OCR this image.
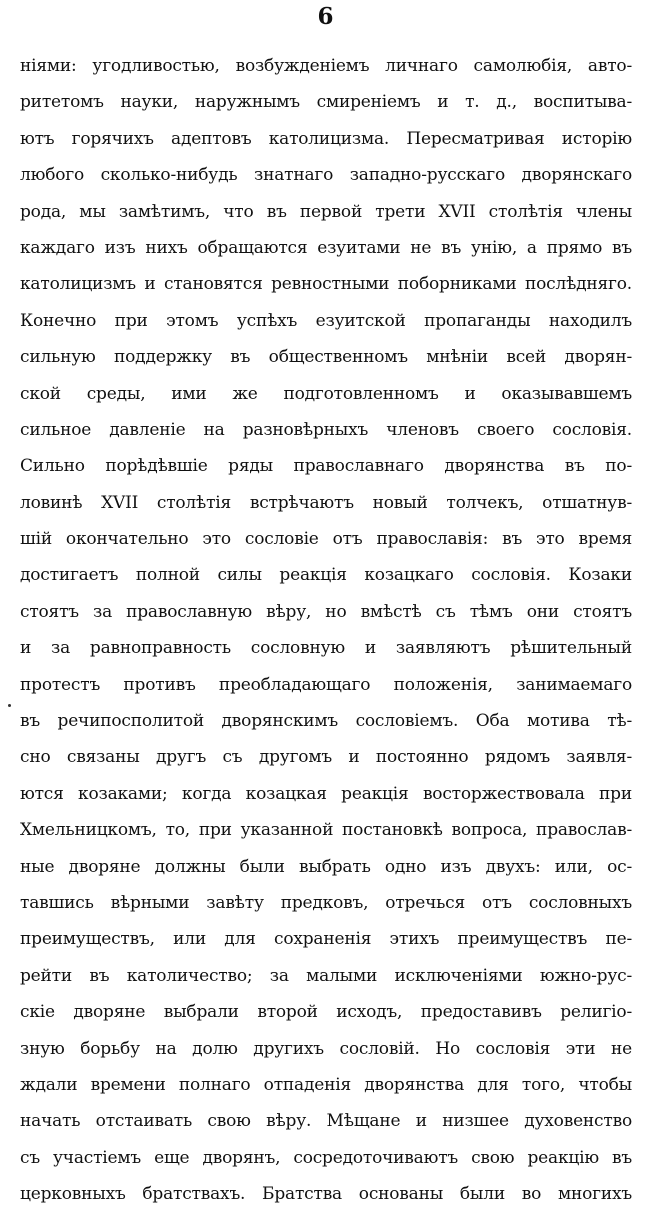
6
ніями: угодливостью, возбужденіемъ личнаго самолюбія, авто-
ритетомъ науки, наружнымъ смиреніемъ и т. д., воспитыва-
ютъ горячихъ адептовъ католицизма. Пересматривая исторію
любого сколько-нибудь знатнаго западно-русскаго дворянскаго
рода, мы замѣтимъ, что въ первой трети XVII столѣтія члены
каждаго изъ нихъ обращаются езуитами не въ унію, а прямо въ
католицизмъ и становятся ревностными поборниками послѣдняго.
Конечно при этомъ успѣхъ езуитской пропаганды находилъ
сильную поддержку въ общественномъ мнѣніи всей дворян-
ской среды, ими же подготовленномъ и оказывавшемъ
сильное давленіе на разновѣрныхъ членовъ своего сословія.
Сильно порѣдѣвшіе ряды православнаго дворянства въ по-
ловинѣ XVII столѣтія встрѣчаютъ новый толчекъ, отшатнув-
шій окончательно это сословіе отъ православія: въ это время
достигаетъ полной силы реакція козацкаго сословія. Козаки
стоятъ за православную вѣру, но вмѣстѣ съ тѣмъ они стоятъ
и за равноправность сословную и заявляютъ рѣшительный
протестъ противъ преобладающаго положенія, занимаемаго
въ речипосполитой дворянскимъ сословіемъ. Оба мотива тѣ-
сно связаны другъ съ другомъ и постоянно рядомъ заявля-
ются козаками; когда козацкая реакція восторжествовала при
Хмельницкомъ, то, при указанной постановкѣ вопроса, православ-
ные дворяне должны были выбрать одно изъ двухъ: или, ос-
тавшись вѣрными завѣту предковъ, отречься отъ сословныхъ
преимуществъ, или для сохраненія этихъ преимуществъ пе-
рейти въ католичество; за малыми исключеніями южно-рус-
скіе дворяне выбрали второй исходъ, предоставивъ религіо-
зную борьбу на долю другихъ сословій. Но сословія эти не
ждали времени полнаго отпаденія дворянства для того, чтобы
начать отстаивать свою вѣру. Мѣщане и низшее духовенство
съ участіемъ еще дворянъ, сосредоточиваютъ свою реакцію въ
церковныхъ братствахъ. Братства основаны были во многихъ
